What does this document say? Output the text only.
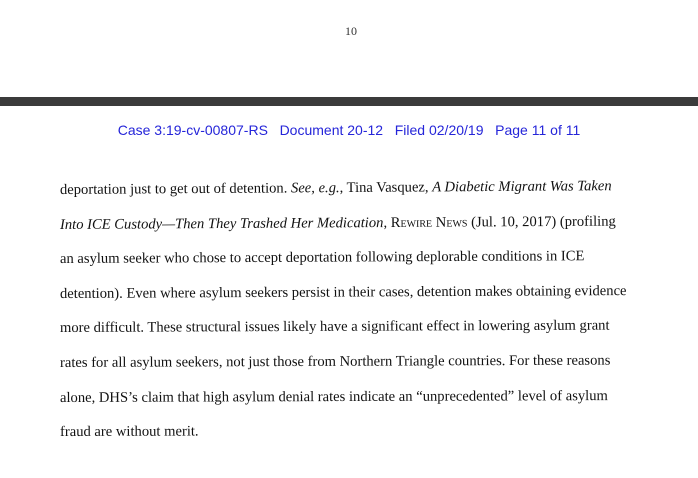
10
Case 3:19-cv-00807-RS   Document 20-12   Filed 02/20/19   Page 11 of 11
deportation just to get out of detention. See, e.g., Tina Vasquez, A Diabetic Migrant Was Taken
Into ICE Custody—Then They Trashed Her Medication, Rewire News (Jul. 10, 2017) (profiling
an asylum seeker who chose to accept deportation following deplorable conditions in ICE
detention). Even where asylum seekers persist in their cases, detention makes obtaining evidence
more difficult. These structural issues likely have a significant effect in lowering asylum grant
rates for all asylum seekers, not just those from Northern Triangle countries. For these reasons
alone, DHS’s claim that high asylum denial rates indicate an “unprecedented” level of asylum
fraud are without merit.
